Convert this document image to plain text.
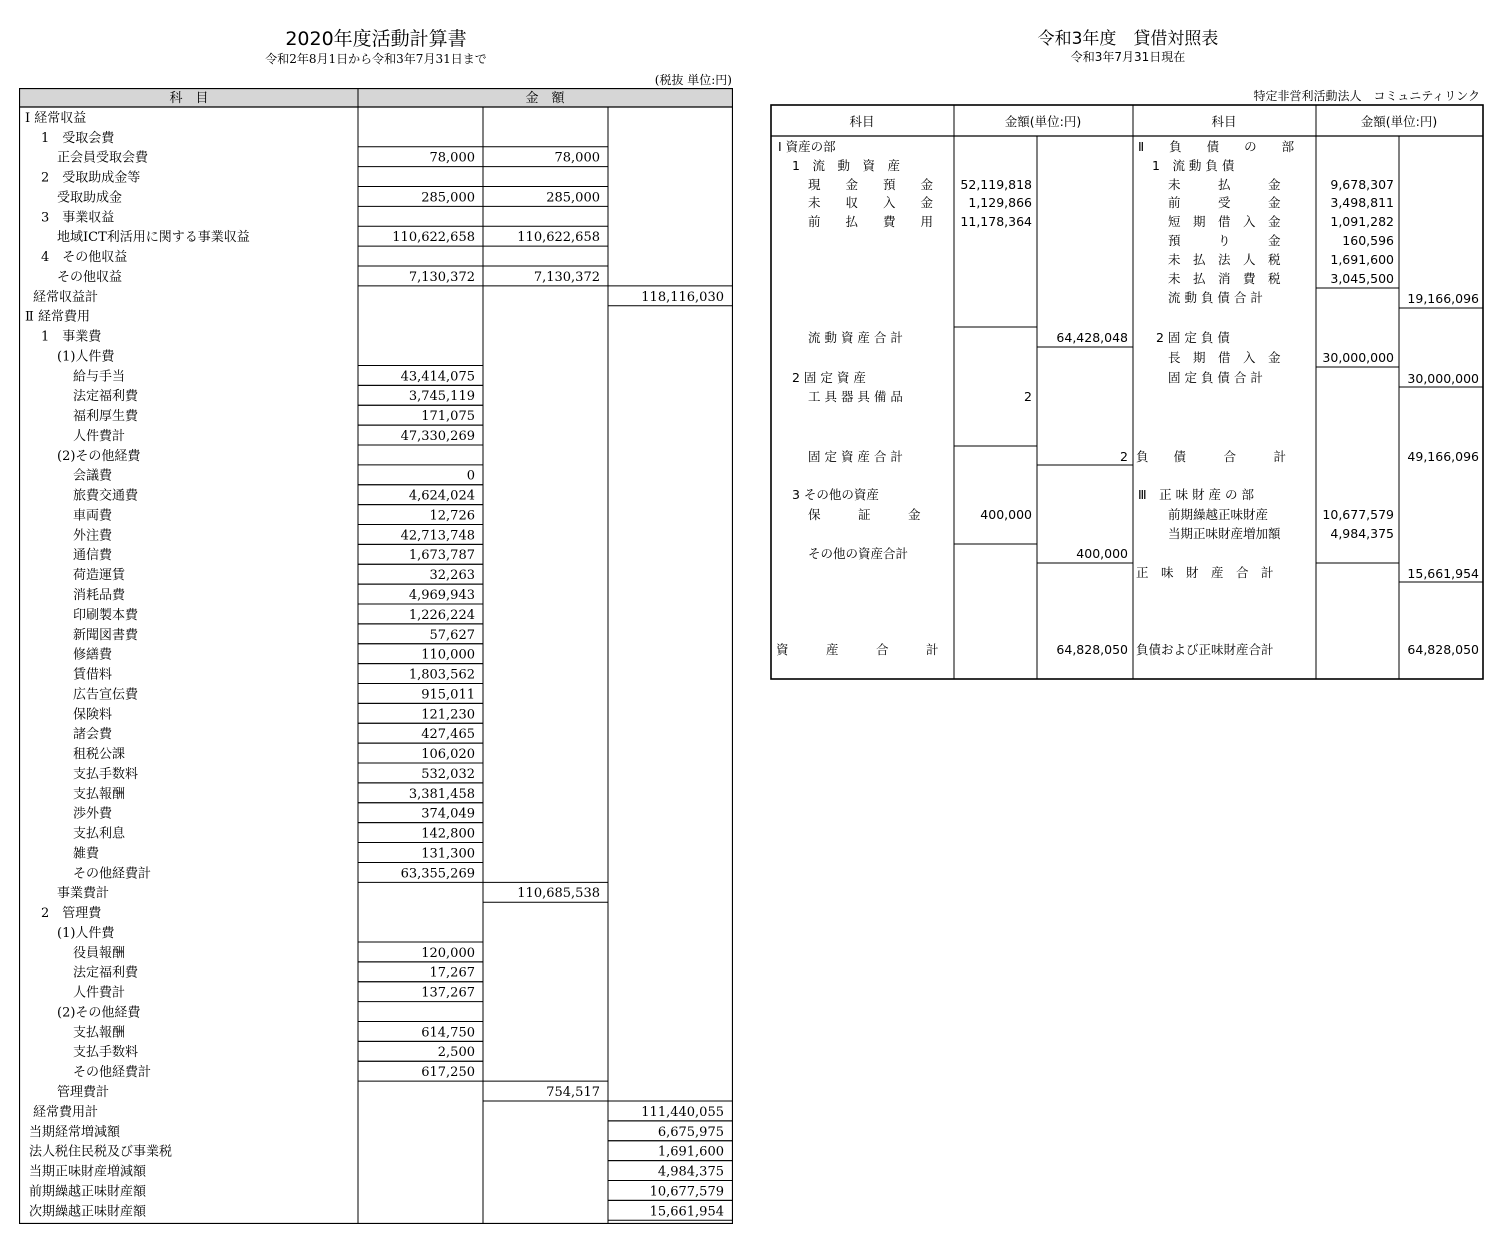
2020年度活動計算書
令和2年8月1日から令和3年7月31日まで
(税抜 単位:円)
科　目	金　額
Ⅰ 経常収益
1　受取会費
正会員受取会費	78,000	78,000
2　受取助成金等
受取助成金	285,000	285,000
3　事業収益
地域ICT利活用に関する事業収益	110,622,658	110,622,658
4　その他収益
その他収益	7,130,372	7,130,372
経常収益計	118,116,030
Ⅱ 経常費用
1　事業費
(1)人件費
給与手当	43,414,075
法定福利費	3,745,119
福利厚生費	171,075
人件費計	47,330,269
(2)その他経費
会議費	0
旅費交通費	4,624,024
車両費	12,726
外注費	42,713,748
通信費	1,673,787
荷造運賃	32,263
消耗品費	4,969,943
印刷製本費	1,226,224
新聞図書費	57,627
修繕費	110,000
賃借料	1,803,562
広告宣伝費	915,011
保険料	121,230
諸会費	427,465
租税公課	106,020
支払手数料	532,032
支払報酬	3,381,458
渉外費	374,049
支払利息	142,800
雑費	131,300
その他経費計	63,355,269
事業費計	110,685,538
2　管理費
(1)人件費
役員報酬	120,000
法定福利費	17,267
人件費計	137,267
(2)その他経費
支払報酬	614,750
支払手数料	2,500
その他経費計	617,250
管理費計	754,517
経常費用計	111,440,055
当期経常増減額	6,675,975
法人税住民税及び事業税	1,691,600
当期正味財産増減額	4,984,375
前期繰越正味財産額	10,677,579
次期繰越正味財産額	15,661,954
令和3年度　貸借対照表
令和3年7月31日現在
特定非営利活動法人　コミュニティリンク
科目	金額(単位:円)	科目	金額(単位:円)
Ⅰ 資産の部
1　流　動　資　産
現　　金　　預　　金 52,119,818
未　　収　　入　　金	1,129,866
前　　払　　費　　用 11,178,364
流 動 資 産 合 計	64,428,048
2 固 定 資 産
工 具 器 具 備 品	2
固 定 資 産 合 計	2
3 その他の資産
保　　　証　　　金	400,000
その他の資産合計	400,000
資　　　産　　　合　　　計	64,828,050
Ⅱ　　負　　債　　の　　部
1　流 動 負 債
未　　　払　　　金	9,678,307
前　　　受　　　金	3,498,811
短　期　借　入　金	1,091,282
預　　　り　　　金	160,596
未　払　法　人　税	1,691,600
未　払　消　費　税	3,045,500
流 動 負 債 合 計	19,166,096
2 固 定 負 債
長　期　借　入　金	30,000,000
固 定 負 債 合 計	30,000,000
負　　債　　　合　　　計	49,166,096
Ⅲ　正 味 財 産 の 部
前期繰越正味財産	10,677,579
当期正味財産増加額	4,984,375
正　味　財　産　合　計	15,661,954
負債および正味財産合計	64,828,050
